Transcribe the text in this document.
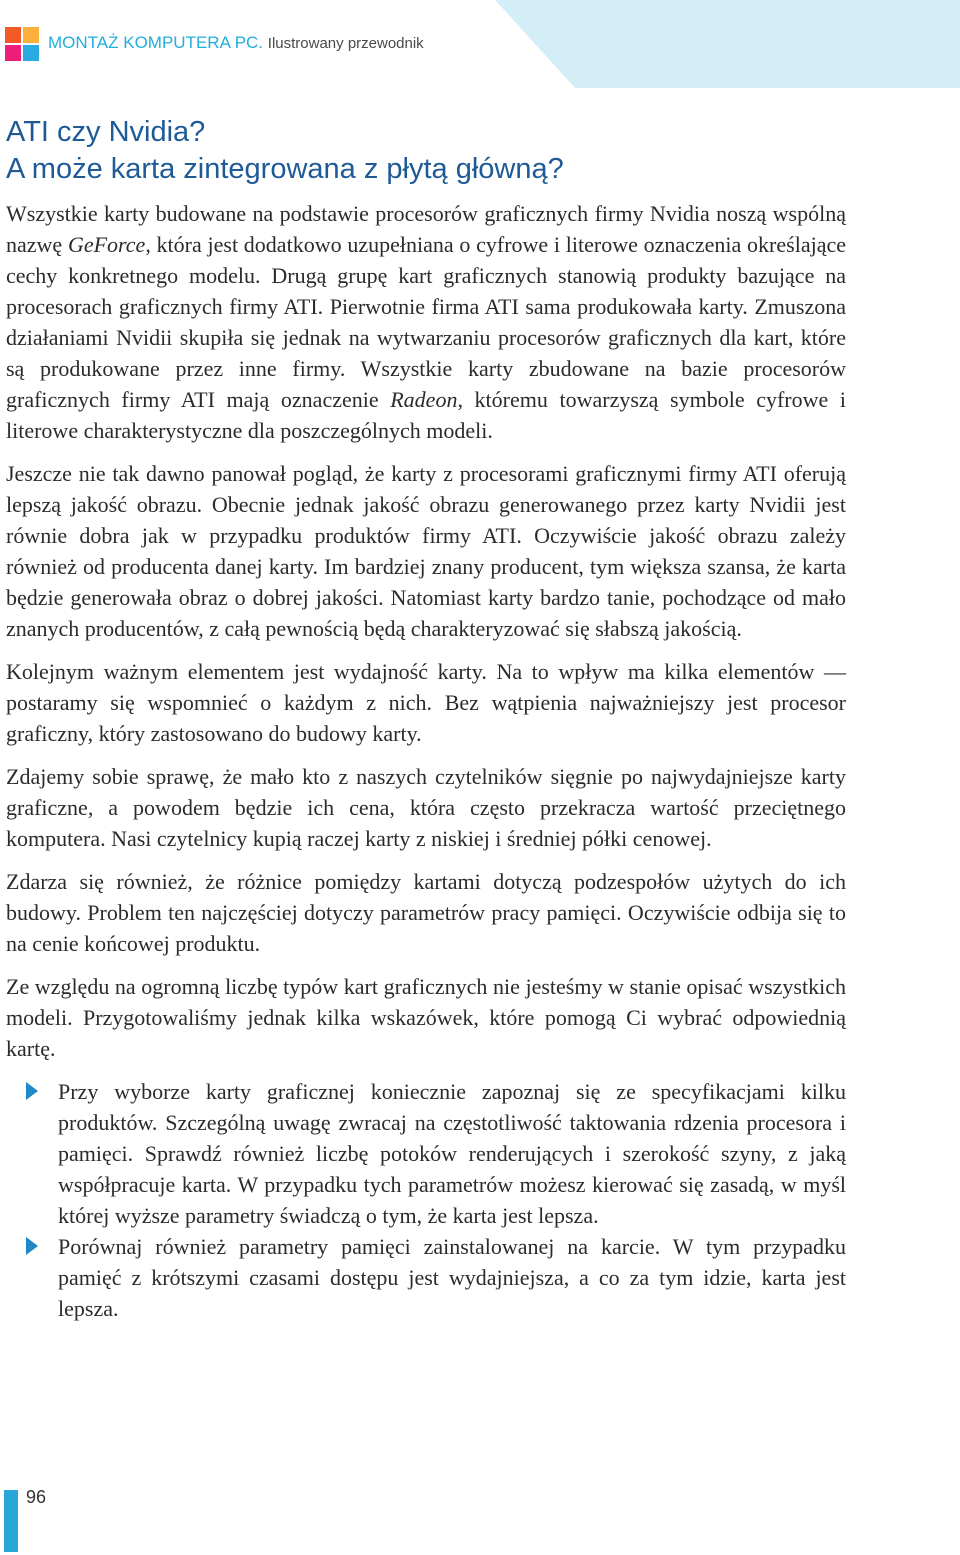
MONTAŻ KOMPUTERA PC. Ilustrowany przewodnik
ATI czy Nvidia?
A może karta zintegrowana z płytą główną?

Wszystkie karty budowane na podstawie procesorów graficznych firmy Nvidia noszą wspólną nazwę GeForce, która jest dodatkowo uzupełniana o cyfrowe i literowe oznaczenia określające cechy konkretnego modelu. Drugą grupę kart graficznych stanowią produkty bazujące na procesorach graficznych firmy ATI. Pierwotnie firma ATI sama produkowała karty. Zmuszona działaniami Nvidii skupiła się jednak na wytwarzaniu procesorów graficznych dla kart, które są produkowane przez inne firmy. Wszystkie karty zbudowane na bazie procesorów graficznych firmy ATI mają oznaczenie Radeon, któremu towarzyszą symbole cyfrowe i literowe charakterystyczne dla poszczególnych modeli.

Jeszcze nie tak dawno panował pogląd, że karty z procesorami graficznymi firmy ATI oferują lepszą jakość obrazu. Obecnie jednak jakość obrazu generowanego przez karty Nvidii jest równie dobra jak w przypadku produktów firmy ATI. Oczywiście jakość obrazu zależy również od producenta danej karty. Im bardziej znany producent, tym większa szansa, że karta będzie generowała obraz o dobrej jakości. Natomiast karty bardzo tanie, pochodzące od mało znanych producentów, z całą pewnością będą charakteryzować się słabszą jakością.

Kolejnym ważnym elementem jest wydajność karty. Na to wpływ ma kilka elementów — postaramy się wspomnieć o każdym z nich. Bez wątpienia najważniejszy jest procesor graficzny, który zastosowano do budowy karty.

Zdajemy sobie sprawę, że mało kto z naszych czytelników sięgnie po najwydajniejsze karty graficzne, a powodem będzie ich cena, która często przekracza wartość przeciętnego komputera. Nasi czytelnicy kupią raczej karty z niskiej i średniej półki cenowej.

Zdarza się również, że różnice pomiędzy kartami dotyczą podzespołów użytych do ich budowy. Problem ten najczęściej dotyczy parametrów pracy pamięci. Oczywiście odbija się to na cenie końcowej produktu.

Ze względu na ogromną liczbę typów kart graficznych nie jesteśmy w stanie opisać wszystkich modeli. Przygotowaliśmy jednak kilka wskazówek, które pomogą Ci wybrać odpowiednią kartę.

Przy wyborze karty graficznej koniecznie zapoznaj się ze specyfikacjami kilku produktów. Szczególną uwagę zwracaj na częstotliwość taktowania rdzenia procesora i pamięci. Sprawdź również liczbę potoków renderujących i szerokość szyny, z jaką współpracuje karta. W przypadku tych parametrów możesz kierować się zasadą, w myśl której wyższe parametry świadczą o tym, że karta jest lepsza.
Porównaj również parametry pamięci zainstalowanej na karcie. W tym przypadku pamięć z krótszymi czasami dostępu jest wydajniejsza, a co za tym idzie, karta jest lepsza.
96
